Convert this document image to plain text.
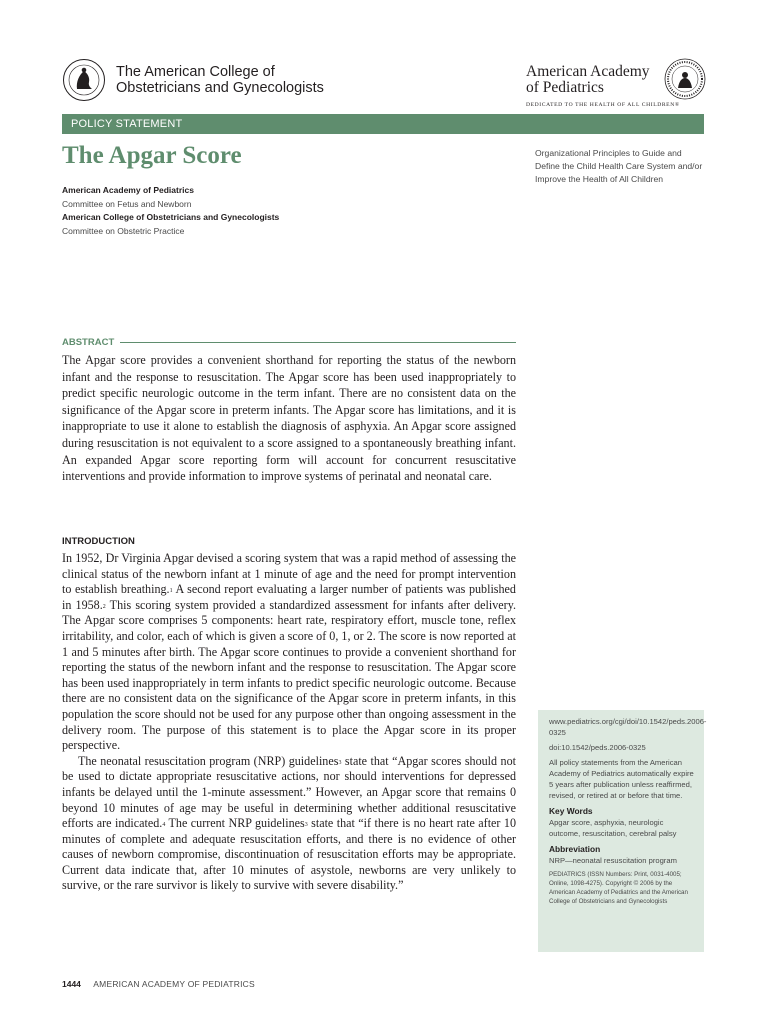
The American College of
Obstetricians and Gynecologists
American Academy
of Pediatrics
DEDICATED TO THE HEALTH OF ALL CHILDREN®
POLICY STATEMENT
The Apgar Score
American Academy of Pediatrics
Committee on Fetus and Newborn
American College of Obstetricians and Gynecologists
Committee on Obstetric Practice
Organizational Principles to Guide and
Define the Child Health Care System and/or
Improve the Health of All Children
ABSTRACT

The Apgar score provides a convenient shorthand for reporting the status of the newborn infant and the response to resuscitation. The Apgar score has been used inappropriately to predict specific neurologic outcome in the term infant. There are no consistent data on the significance of the Apgar score in preterm infants. The Apgar score has limitations, and it is inappropriate to use it alone to establish the diagnosis of asphyxia. An Apgar score assigned during resuscitation is not equivalent to a score assigned to a spontaneously breathing infant. An expanded Apgar score reporting form will account for concurrent resuscitative interventions and provide information to improve systems of perinatal and neonatal care.

INTRODUCTION

In 1952, Dr Virginia Apgar devised a scoring system that was a rapid method of assessing the clinical status of the newborn infant at 1 minute of age and the need for prompt intervention to establish breathing.$^1$ A second report evaluating a larger number of patients was published in 1958.$^2$ This scoring system provided a standardized assessment for infants after delivery. The Apgar score comprises 5 components: heart rate, respiratory effort, muscle tone, reflex irritability, and color, each of which is given a score of 0, 1, or 2. The score is now reported at 1 and 5 minutes after birth. The Apgar score continues to provide a convenient shorthand for reporting the status of the newborn infant and the response to resuscitation. The Apgar score has been used inappropriately in term infants to predict specific neurologic outcome. Because there are no consistent data on the significance of the Apgar score in preterm infants, in this population the score should not be used for any purpose other than ongoing assessment in the delivery room. The purpose of this statement is to place the Apgar score in its proper perspective.

The neonatal resuscitation program (NRP) guidelines$^3$ state that “Apgar scores should not be used to dictate appropriate resuscitative actions, nor should interventions for depressed infants be delayed until the 1-minute assessment.” However, an Apgar score that remains 0 beyond 10 minutes of age may be useful in determining whether additional resuscitative efforts are indicated.$^4$ The current NRP guidelines$^3$ state that “if there is no heart rate after 10 minutes of complete and adequate resuscitation efforts, and there is no evidence of other causes of newborn compromise, discontinuation of resuscitation efforts may be appropriate. Current data indicate that, after 10 minutes of asystole, newborns are very unlikely to survive, or the rare survivor is likely to survive with severe disability.”

www.pediatrics.org/cgi/doi/10.1542/peds.2006-0325
doi:10.1542/peds.2006-0325
All policy statements from the American Academy of Pediatrics automatically expire 5 years after publication unless reaffirmed, revised, or retired at or before that time.
Key Words
Apgar score, asphyxia, neurologic outcome, resuscitation, cerebral palsy
Abbreviation
NRP—neonatal resuscitation program
PEDIATRICS (ISSN Numbers: Print, 0031-4005; Online, 1098-4275). Copyright © 2006 by the American Academy of Pediatrics and the American College of Obstetricians and Gynecologists
1444 AMERICAN ACADEMY OF PEDIATRICS
